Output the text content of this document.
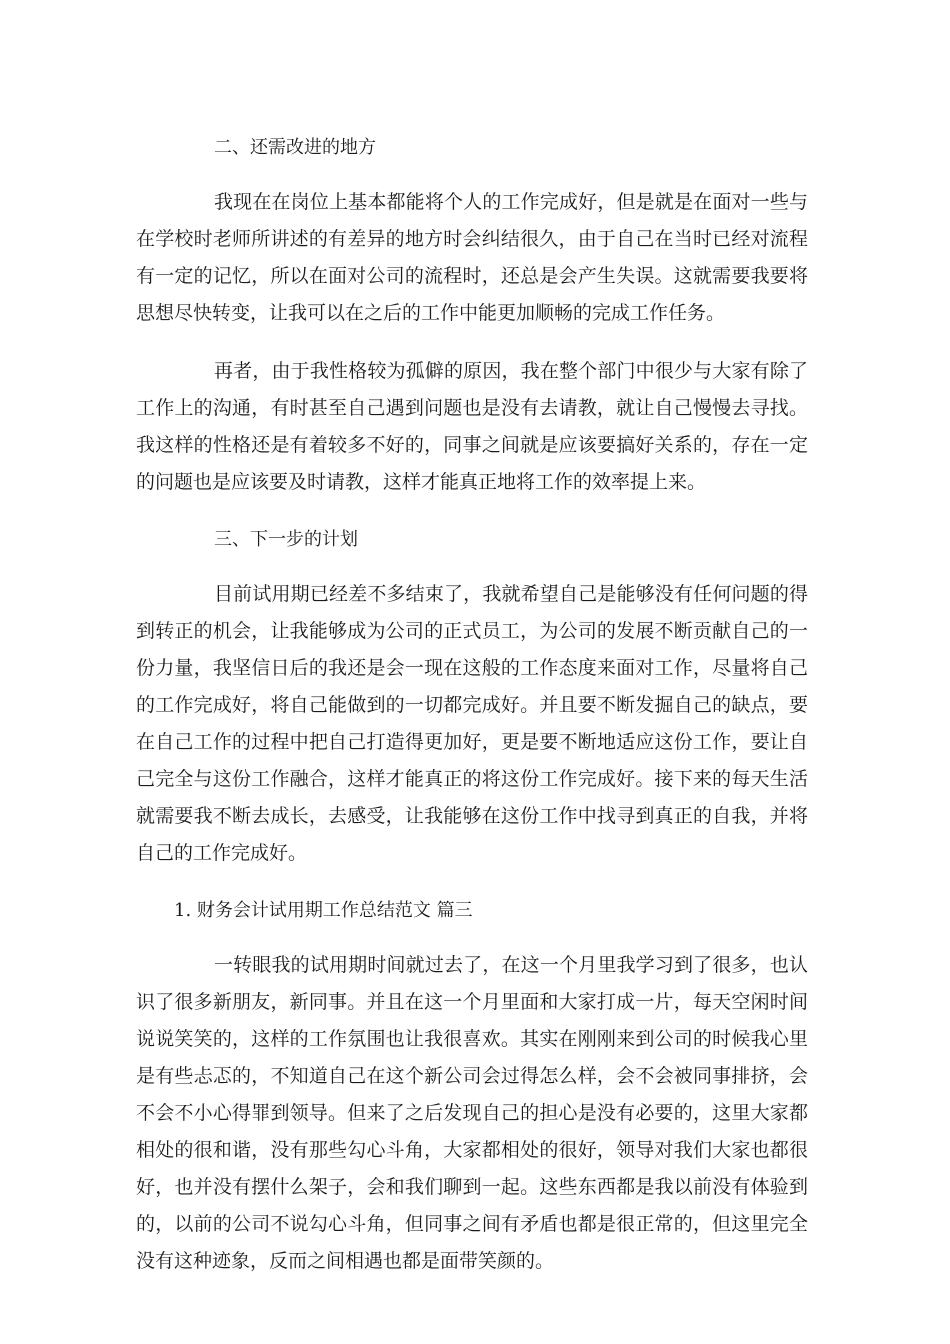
二、还需改进的地方

我现在在岗位上基本都能将个人的工作完成好，但是就是在面对一些与在学校时老师所讲述的有差异的地方时会纠结很久，由于自己在当时已经对流程有一定的记忆，所以在面对公司的流程时，还总是会产生失误。这就需要我要将思想尽快转变，让我可以在之后的工作中能更加顺畅的完成工作任务。

再者，由于我性格较为孤僻的原因，我在整个部门中很少与大家有除了工作上的沟通，有时甚至自己遇到问题也是没有去请教，就让自己慢慢去寻找。我这样的性格还是有着较多不好的，同事之间就是应该要搞好关系的，存在一定的问题也是应该要及时请教，这样才能真正地将工作的效率提上来。

三、下一步的计划

目前试用期已经差不多结束了，我就希望自己是能够没有任何问题的得到转正的机会，让我能够成为公司的正式员工，为公司的发展不断贡献自己的一份力量，我坚信日后的我还是会一现在这般的工作态度来面对工作，尽量将自己的工作完成好，将自己能做到的一切都完成好。并且要不断发掘自己的缺点，要在自己工作的过程中把自己打造得更加好，更是要不断地适应这份工作，要让自己完全与这份工作融合，这样才能真正的将这份工作完成好。接下来的每天生活就需要我不断去成长，去感受，让我能够在这份工作中找寻到真正的自我，并将自己的工作完成好。

1. 财务会计试用期工作总结范文 篇三

一转眼我的试用期时间就过去了，在这一个月里我学习到了很多，也认识了很多新朋友，新同事。并且在这一个月里面和大家打成一片，每天空闲时间说说笑笑的，这样的工作氛围也让我很喜欢。其实在刚刚来到公司的时候我心里是有些忐忑的，不知道自己在这个新公司会过得怎么样，会不会被同事排挤，会不会不小心得罪到领导。但来了之后发现自己的担心是没有必要的，这里大家都相处的很和谐，没有那些勾心斗角，大家都相处的很好，领导对我们大家也都很好，也并没有摆什么架子，会和我们聊到一起。这些东西都是我以前没有体验到的，以前的公司不说勾心斗角，但同事之间有矛盾也都是很正常的，但这里完全没有这种迹象，反而之间相遇也都是面带笑颜的。
